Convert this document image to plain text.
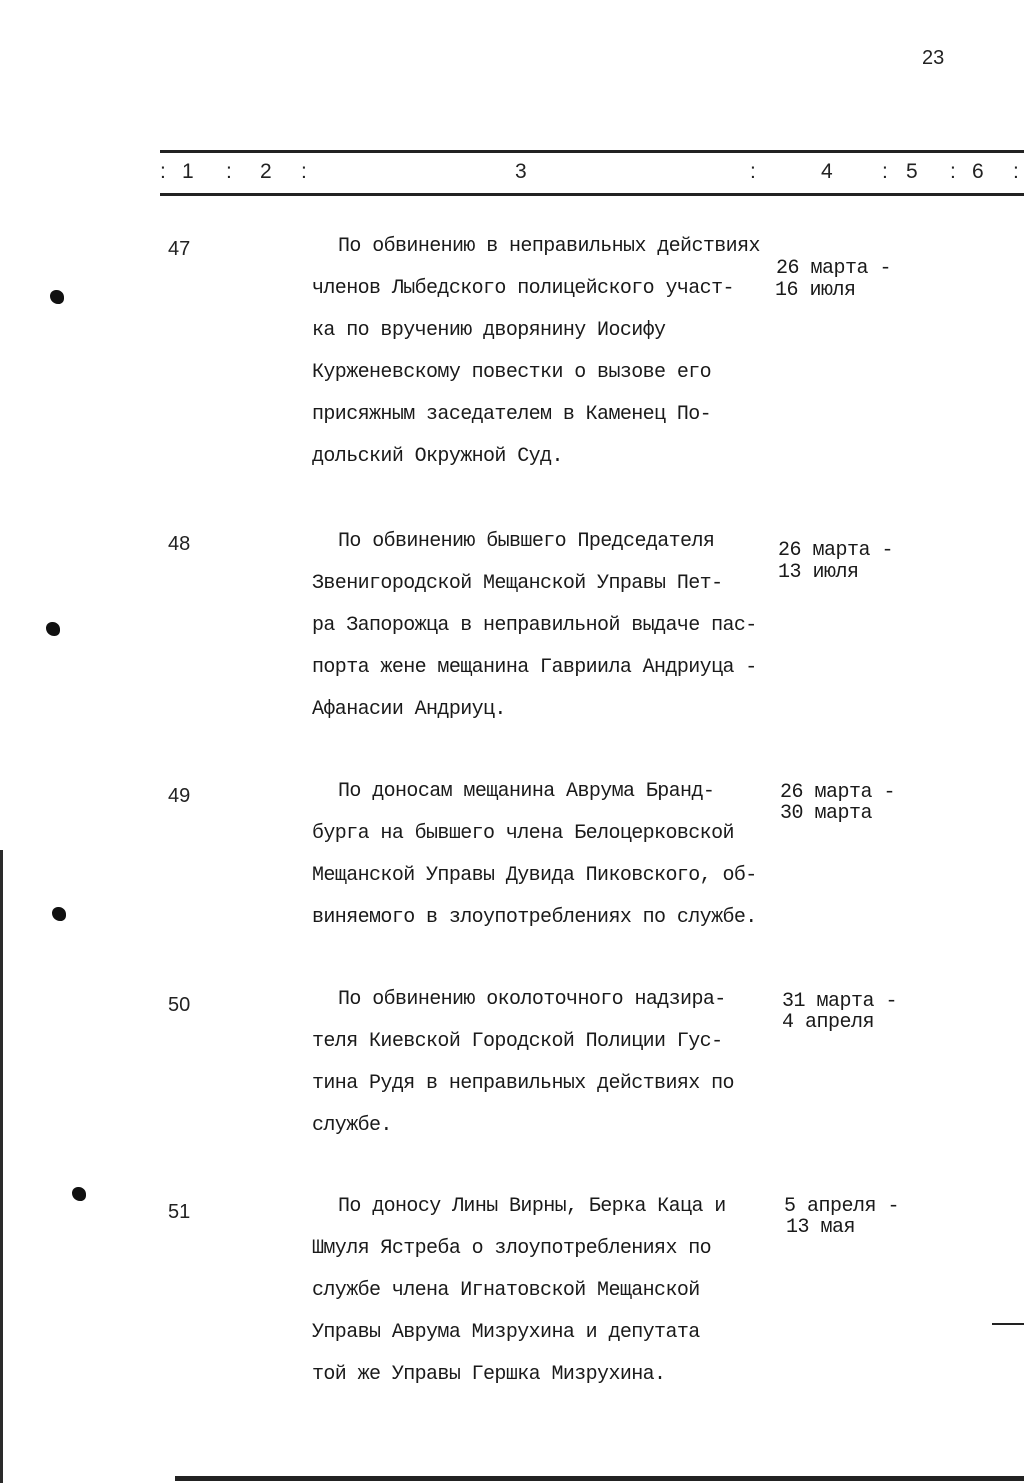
23
: 1 : 2 :	3	:	4 : 5 : 6 :
47	По обвинению в неправильных действиях
членов Лыбедского полицейского участ-
ка по вручению дворянину Иосифу
Курженевскому повестки о вызове его
присяжным заседателем в Каменец По-
дольский Окружной Суд.
26 марта -
16 июля
48	По обвинению бывшего Председателя
Звенигородской Мещанской Управы Пет-
ра Запорожца в неправильной выдаче пас-
порта жене мещанина Гавриила Андриуца -
Афанасии Андриуц.
26 марта -
13 июля
49	По доносам мещанина Аврума Бранд-
бурга на бывшего члена Белоцерковской
Мещанской Управы Дувида Пиковского, об-
виняемого в злоупотреблениях по службе.
26 марта -
30 марта
50	По обвинению околоточного надзира-
теля Киевской Городской Полиции Гус-
тина Рудя в неправильных действиях по
службе.
31 марта -
4 апреля
51	По доносу Лины Вирны, Берка Каца и
Шмуля Ястреба о злоупотреблениях по
службе члена Игнатовской Мещанской
Управы Аврума Мизрухина и депутата
той же Управы Гершка Мизрухина.
5 апреля -
13 мая
